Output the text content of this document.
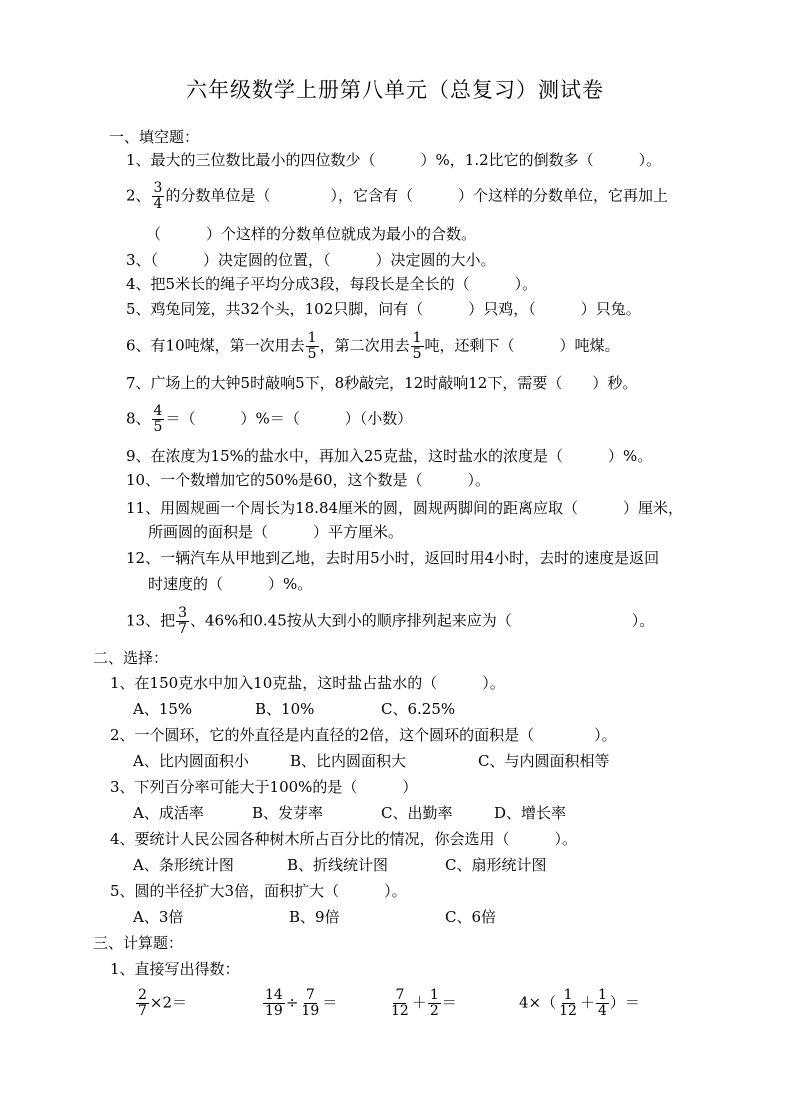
六年级数学上册第八单元（总复习）测试卷
一、填空题：
1、最大的三位数比最小的四位数少（　　　）%，1.2比它的倒数多（　　　）。
2、 $\frac{3}{4}$ 的分数单位是（　　　　），它含有（　　　）个这样的分数单位，它再加上
（　　　）个这样的分数单位就成为最小的合数。
3、（　　　）决定圆的位置，（　　　）决定圆的大小。
4、把5米长的绳子平均分成3段，每段长是全长的（　　　）。
5、鸡兔同笼，共32个头，102只脚，问有（　　　）只鸡，（　　　）只兔。
6、有10吨煤，第一次用去 $\frac{1}{5}$ ，第二次用去 $\frac{1}{5}$ 吨，还剩下（　　　）吨煤。
7、广场上的大钟5时敲响5下，8秒敲完，12时敲响12下，需要（　　）秒。
8、 $\frac{4}{5}$ ＝（　　　）%＝（　　　）（小数）
9、在浓度为15%的盐水中，再加入25克盐，这时盐水的浓度是（　　　）%。
10、一个数增加它的50%是60，这个数是（　　　）。
11、用圆规画一个周长为18.84厘米的圆，圆规两脚间的距离应取（　　　）厘米，
所画圆的面积是（　　　）平方厘米。
12、一辆汽车从甲地到乙地，去时用5小时，返回时用4小时，去时的速度是返回
时速度的（　　　）%。
13、把 $\frac{3}{7}$ 、46%和0.45按从大到小的顺序排列起来应为（　　　　　　　　）。
二、选择：
1、在150克水中加入10克盐，这时盐占盐水的（　　　）。
A、15%	B、10%	C、6.25%
2、一个圆环，它的外直径是内直径的2倍，这个圆环的面积是（　　　　）。
A、比内圆面积小	B、比内圆面积大	C、与内圆面积相等
3、下列百分率可能大于100%的是（　　　）
A、成活率	B、发芽率	C、出勤率	D、增长率
4、要统计人民公园各种树木所占百分比的情况，你会选用（　　　）。
A、条形统计图	B、折线统计图	C、扇形统计图
5、圆的半径扩大3倍，面积扩大（　　　）。
A、3倍	B、9倍	C、6倍
三、计算题：
1、直接写出得数：
$\frac{2}{7} \times 2=$	$\frac{14}{19} \div \frac{7}{19}$ ＝	$\frac{7}{12} + \frac{1}{2}$ ＝	$4\times( \frac{1}{12} + \frac{1}{4}$ ）＝
